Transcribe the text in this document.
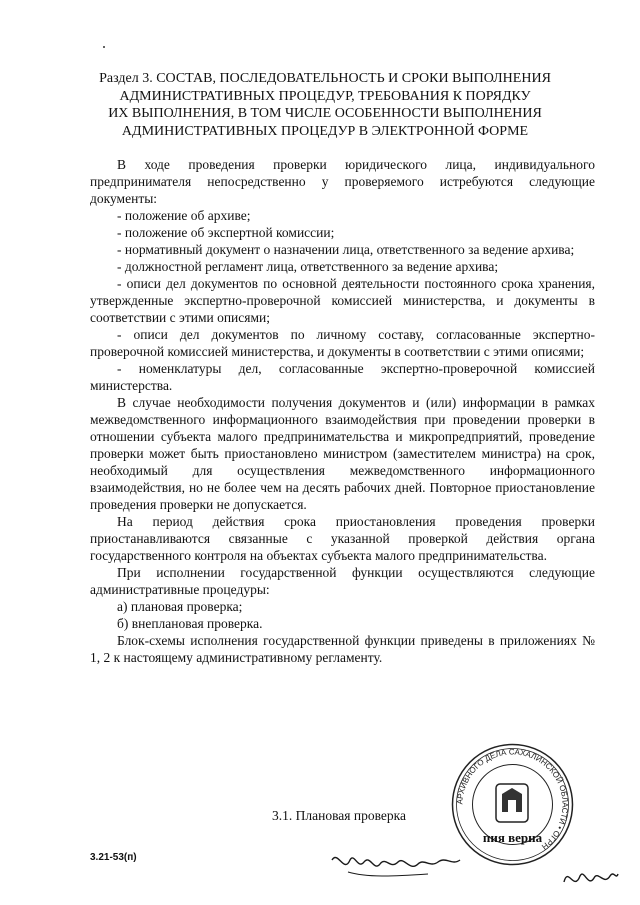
Раздел 3. СОСТАВ, ПОСЛЕДОВАТЕЛЬНОСТЬ И СРОКИ ВЫПОЛНЕНИЯ
АДМИНИСТРАТИВНЫХ ПРОЦЕДУР, ТРЕБОВАНИЯ К ПОРЯДКУ
ИХ ВЫПОЛНЕНИЯ, В ТОМ ЧИСЛЕ ОСОБЕННОСТИ ВЫПОЛНЕНИЯ
АДМИНИСТРАТИВНЫХ ПРОЦЕДУР В ЭЛЕКТРОННОЙ ФОРМЕ

В ходе проведения проверки юридического лица, индивидуального предпринимателя непосредственно у проверяемого истребуются следующие документы:

- положение об архиве;

- положение об экспертной комиссии;

- нормативный документ о назначении лица, ответственного за ведение архива;

- должностной регламент лица, ответственного за ведение архива;

- описи дел документов по основной деятельности постоянного срока хранения, утвержденные экспертно-проверочной комиссией министерства, и документы в соответствии с этими описями;

- описи дел документов по личному составу, согласованные экспертно-проверочной комиссией министерства, и документы в соответствии с этими описями;

- номенклатуры дел, согласованные экспертно-проверочной комиссией министерства.

В случае необходимости получения документов и (или) информации в рамках межведомственного информационного взаимодействия при проведении проверки в отношении субъекта малого предпринимательства и микропредприятий, проведение проверки может быть приостановлено министром (заместителем министра) на срок, необходимый для осуществления межведомственного информационного взаимодействия, но не более чем на десять рабочих дней. Повторное приостановление проведения проверки не допускается.

На период действия срока приостановления проведения проверки приостанавливаются связанные с указанной проверкой действия органа государственного контроля на объектах субъекта малого предпринимательства.

При исполнении государственной функции осуществляются следующие административные процедуры:

а) плановая проверка;

б) внеплановая проверка.

Блок-схемы исполнения государственной функции приведены в приложениях № 1, 2 к настоящему административному регламенту.

АРХИВНОГО ДЕЛА САХАЛИНСКОЙ ОБЛАСТИ • ОГРН
пия верна
3.1. Плановая проверка
3.21-53(п)
